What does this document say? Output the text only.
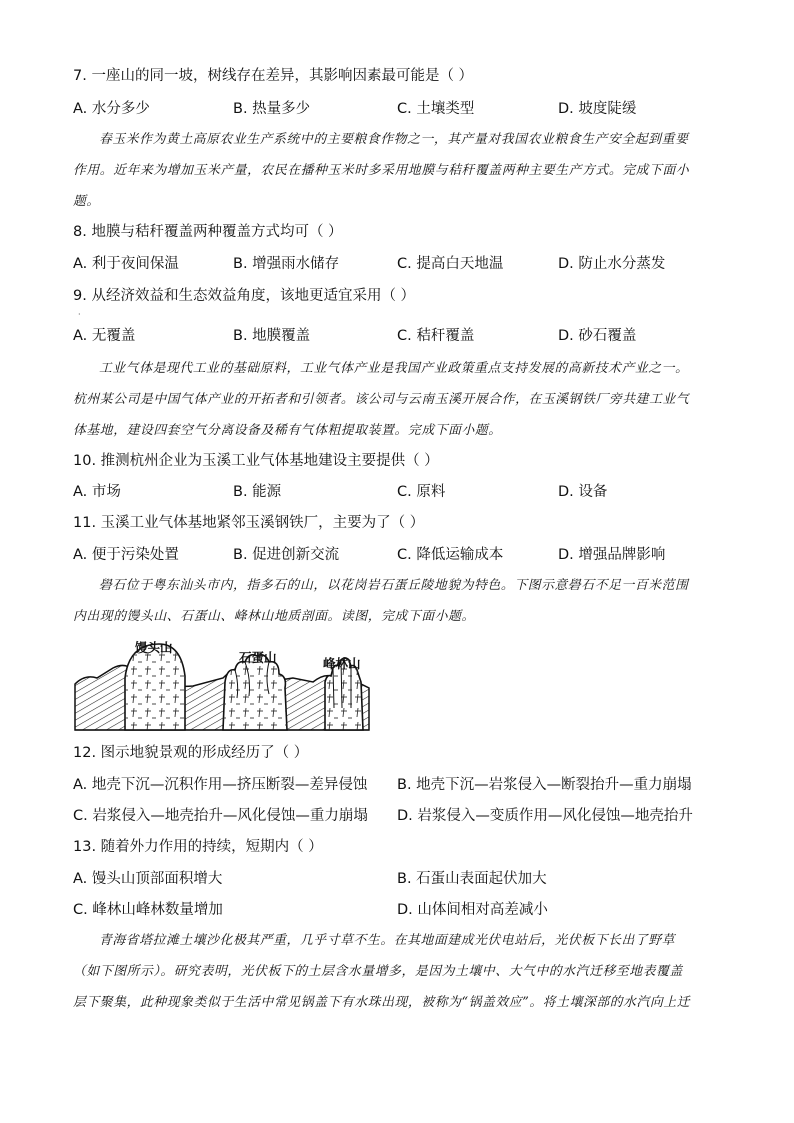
7. 一座山的同一坡，树线存在差异，其影响因素最可能是（ ）
A. 水分多少	B. 热量多少	C. 土壤类型	D. 坡度陡缓
春玉米作为黄土高原农业生产系统中的主要粮食作物之一，其产量对我国农业粮食生产安全起到重要
作用。近年来为增加玉米产量，农民在播种玉米时多采用地膜与秸秆覆盖两种主要生产方式。完成下面小
题。
8. 地膜与秸秆覆盖两种覆盖方式均可（ ）
A. 利于夜间保温	B. 增强雨水储存	C. 提高白天地温	D. 防止水分蒸发
9. 从经济效益和生态效益角度，该地更适宜采用（ ）
·
A. 无覆盖	B. 地膜覆盖	C. 秸秆覆盖	D. 砂石覆盖
工业气体是现代工业的基础原料，工业气体产业是我国产业政策重点支持发展的高新技术产业之一。
杭州某公司是中国气体产业的开拓者和引领者。该公司与云南玉溪开展合作，在玉溪钢铁厂旁共建工业气
体基地，建设四套空气分离设备及稀有气体粗提取装置。完成下面小题。
10. 推测杭州企业为玉溪工业气体基地建设主要提供（ ）
A. 市场	B. 能源	C. 原料	D. 设备
11. 玉溪工业气体基地紧邻玉溪钢铁厂，主要为了（ ）
A. 便于污染处置	B. 促进创新交流	C. 降低运输成本	D. 增强品牌影响
礐石位于粤东汕头市内，指多石的山，以花岗岩石蛋丘陵地貌为特色。下图示意礐石不足一百米范围
内出现的馒头山、石蛋山、峰林山地质剖面。读图，完成下面小题。
馒头山
石蛋山	峰林山
12. 图示地貌景观的形成经历了（ ）
A. 地壳下沉—沉积作用—挤压断裂—差异侵蚀 B. 地壳下沉—岩浆侵入—断裂抬升—重力崩塌
C. 岩浆侵入—地壳抬升—风化侵蚀—重力崩塌 D. 岩浆侵入—变质作用—风化侵蚀—地壳抬升
13. 随着外力作用的持续，短期内（ ）
A. 馒头山顶部面积增大	B. 石蛋山表面起伏加大
C. 峰林山峰林数量增加	D. 山体间相对高差减小
青海省塔拉滩土壤沙化极其严重，几乎寸草不生。在其地面建成光伏电站后，光伏板下长出了野草
（如下图所示）。研究表明，光伏板下的土层含水量增多，是因为土壤中、大气中的水汽迁移至地表覆盖
层下聚集，此种现象类似于生活中常见锅盖下有水珠出现，被称为“锅盖效应”。将土壤深部的水汽向上迁
